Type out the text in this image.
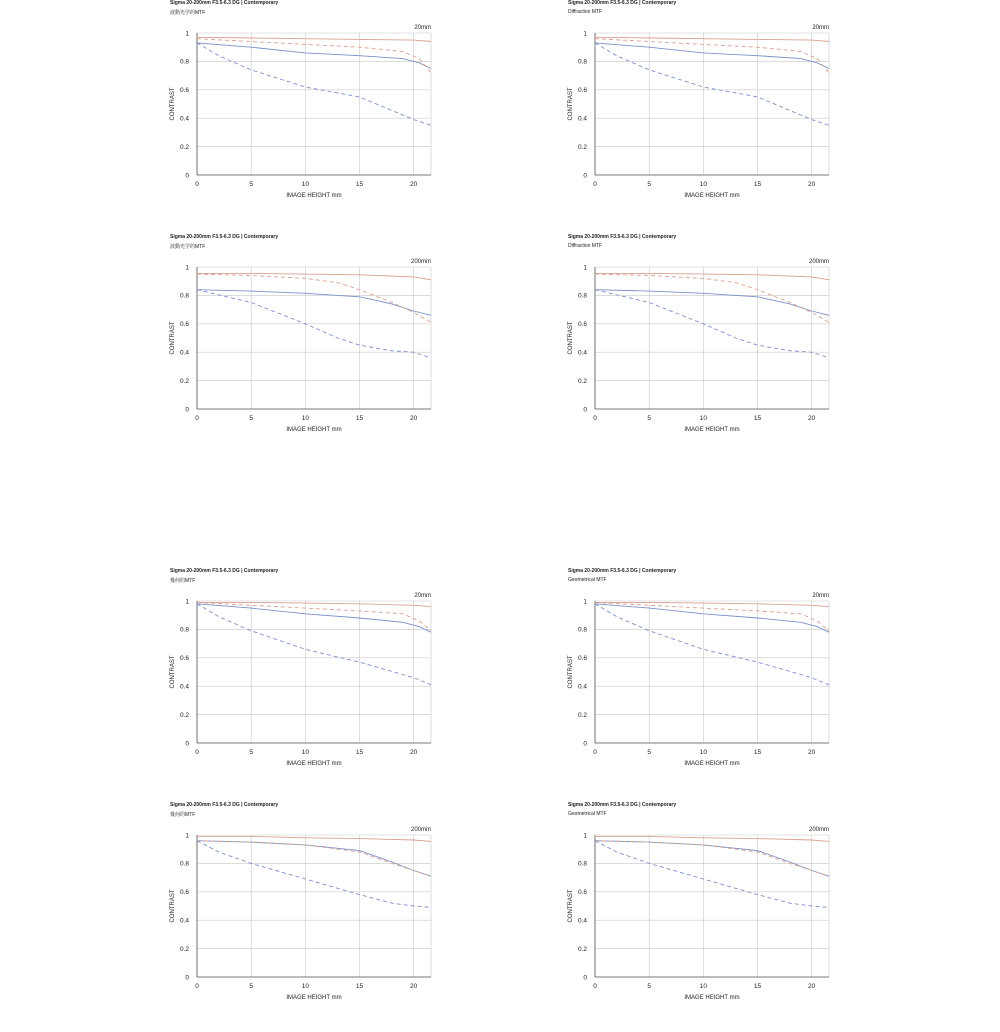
Sigma 20-200mm F3.5-6.3 DG | Contemporary
波動光学的MTF
0
0.2
0.4
0.6
0.8
1
0	5	10	15	20
20mm
IMAGE HEIGHT mm
CONTRAST
Sigma 20-200mm F3.5-6.3 DG | Contemporary
Diffraction MTF
0
0.2
0.4
0.6
0.8
1
0	5	10	15	20
20mm
IMAGE HEIGHT mm
CONTRAST
Sigma 20-200mm F3.5-6.3 DG | Contemporary
波動光学的MTF
0
0.2
0.4
0.6
0.8
1
0	5	10	15	20
200mm
IMAGE HEIGHT mm
CONTRAST
Sigma 20-200mm F3.5-6.3 DG | Contemporary
Diffraction MTF
0
0.2
0.4
0.6
0.8
1
0	5	10	15	20
200mm
IMAGE HEIGHT mm
CONTRAST
Sigma 20-200mm F3.5-6.3 DG | Contemporary
幾何的MTF
0
0.2
0.4
0.6
0.8
1
0	5	10	15	20
20mm
IMAGE HEIGHT mm
CONTRAST
Sigma 20-200mm F3.5-6.3 DG | Contemporary
Geometrical MTF
0
0.2
0.4
0.6
0.8
1
0	5	10	15	20
20mm
IMAGE HEIGHT mm
CONTRAST
Sigma 20-200mm F3.5-6.3 DG | Contemporary
幾何的MTF
0
0.2
0.4
0.6
0.8
1
0	5	10	15	20
200mm
IMAGE HEIGHT mm
CONTRAST
Sigma 20-200mm F3.5-6.3 DG | Contemporary
Geometrical MTF
0
0.2
0.4
0.6
0.8
1
0	5	10	15	20
200mm
IMAGE HEIGHT mm
CONTRAST
